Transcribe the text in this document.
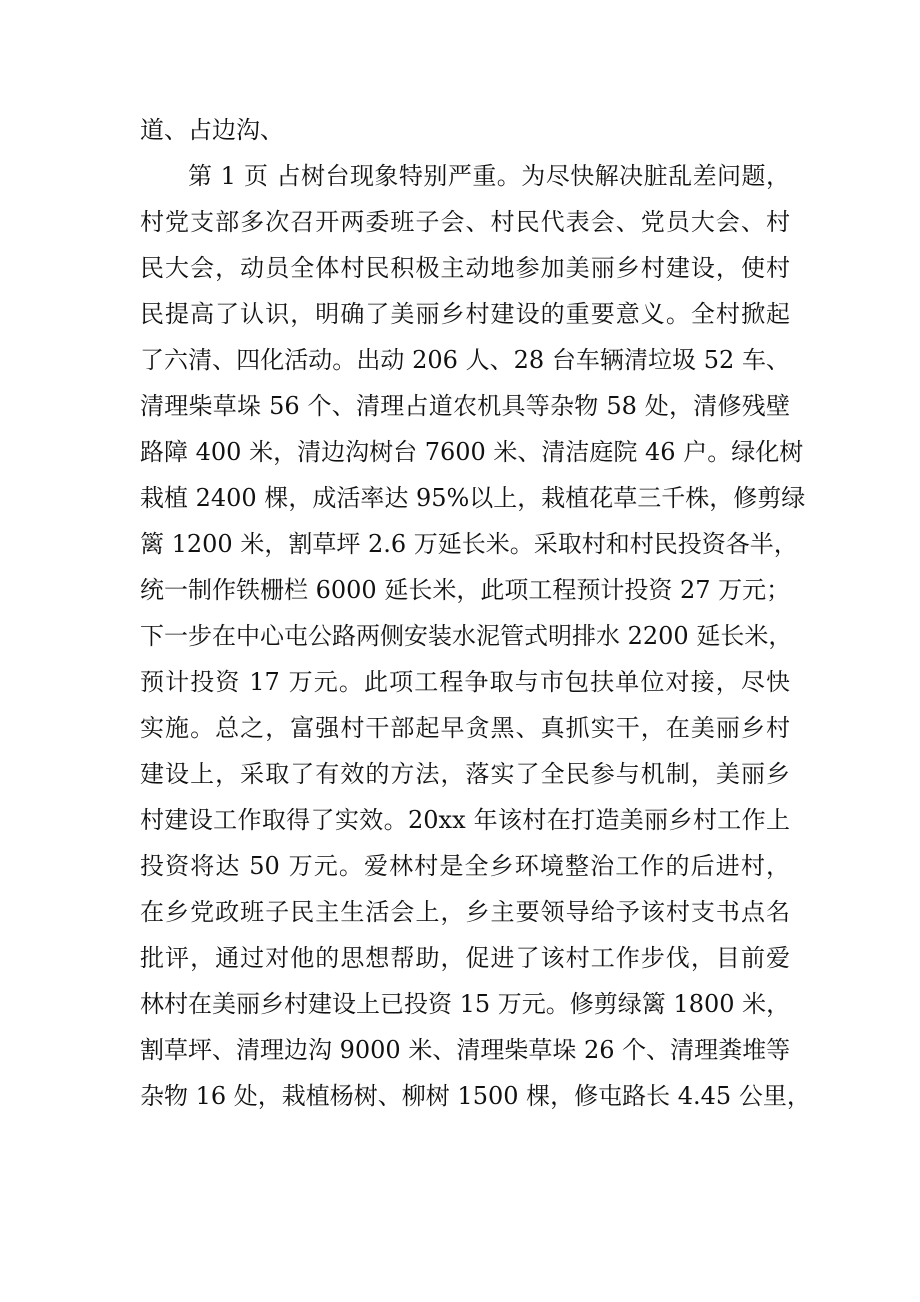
道、占边沟、
第 1 页 占树台现象特别严重。为尽快解决脏乱差问题，
村党支部多次召开两委班子会、村民代表会、党员大会、村
民大会，动员全体村民积极主动地参加美丽乡村建设，使村
民提高了认识，明确了美丽乡村建设的重要意义。全村掀起
了六清、四化活动。出动 206 人、28 台车辆清垃圾 52 车、
清理柴草垛 56 个、清理占道农机具等杂物 58 处，清修残壁
路障 400 米，清边沟树台 7600 米、清洁庭院 46 户。绿化树
栽植 2400 棵，成活率达 95%以上，栽植花草三千株，修剪绿
篱 1200 米，割草坪 2.6 万延长米。采取村和村民投资各半，
统一制作铁栅栏 6000 延长米，此项工程预计投资 27 万元；
下一步在中心屯公路两侧安装水泥管式明排水 2200 延长米，
预计投资 17 万元。此项工程争取与市包扶单位对接，尽快
实施。总之，富强村干部起早贪黑、真抓实干，在美丽乡村
建设上，采取了有效的方法，落实了全民参与机制，美丽乡
村建设工作取得了实效。20xx 年该村在打造美丽乡村工作上
投资将达 50 万元。爱林村是全乡环境整治工作的后进村，
在乡党政班子民主生活会上，乡主要领导给予该村支书点名
批评，通过对他的思想帮助，促进了该村工作步伐，目前爱
林村在美丽乡村建设上已投资 15 万元。修剪绿篱 1800 米，
割草坪、清理边沟 9000 米、清理柴草垛 26 个、清理粪堆等
杂物 16 处，栽植杨树、柳树 1500 棵，修屯路长 4.45 公里，
